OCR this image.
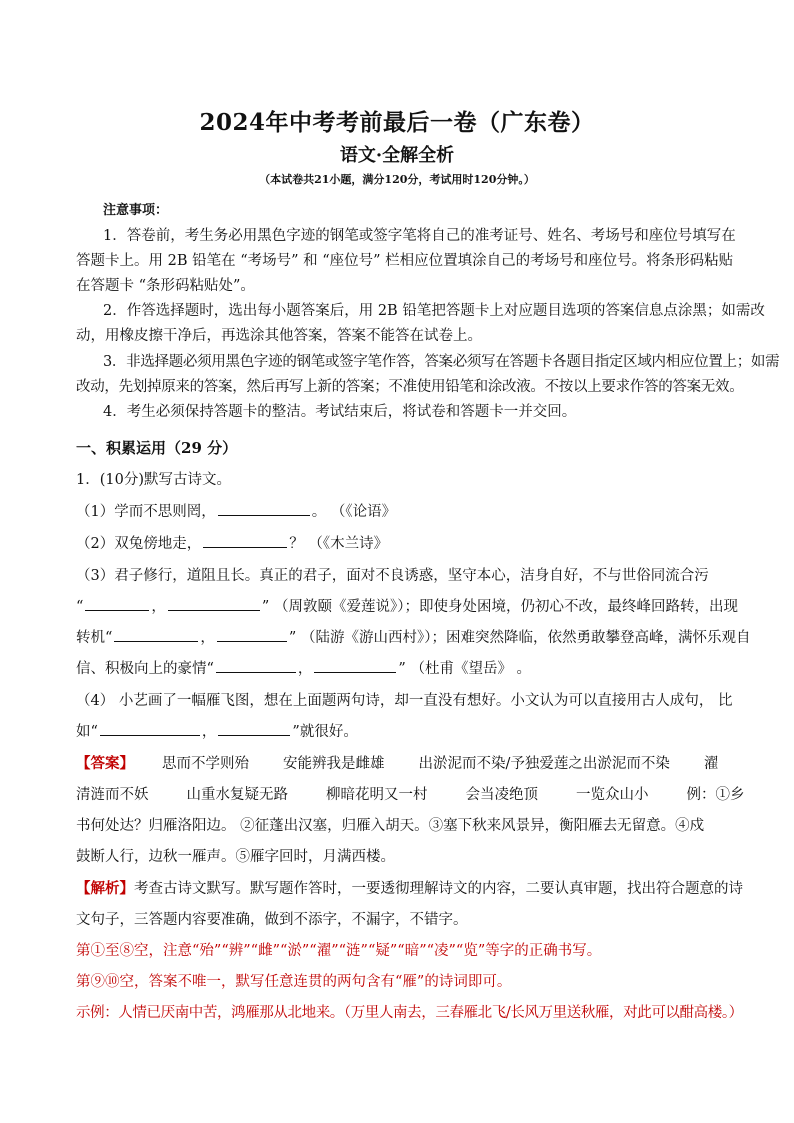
2024年中考考前最后一卷（广东卷）
语文·全解全析
（本试卷共21小题，满分120分，考试用时120分钟。）
注意事项：
1．答卷前，考生务必用黑色字迹的钢笔或签字笔将自己的准考证号、姓名、考场号和座位号填写在
答题卡上。用 2B 铅笔在 “考场号” 和 “座位号” 栏相应位置填涂自己的考场号和座位号。将条形码粘贴
在答题卡 “条形码粘贴处”。
2．作答选择题时，选出每小题答案后，用 2B 铅笔把答题卡上对应题目选项的答案信息点涂黑；如需改
动，用橡皮擦干净后，再选涂其他答案，答案不能答在试卷上。
3．非选择题必须用黑色字迹的钢笔或签字笔作答，答案必须写在答题卡各题目指定区域内相应位置上；如需
改动，先划掉原来的答案，然后再写上新的答案；不准使用铅笔和涂改液。不按以上要求作答的答案无效。
4．考生必须保持答题卡的整洁。考试结束后，将试卷和答题卡一并交回。
一、积累运用（29 分）
1．(10分)默写古诗文。
（1）学而不思则罔，	。 （《论语》
（2）双兔傍地走，	？ （《木兰诗》
（3）君子修行，道阻且长。真正的君子，面对不良诱惑，坚守本心，洁身自好，不与世俗同流合污
“	，	” （周敦颐《爱莲说》）；即使身处困境，仍初心不改，最终峰回路转，出现
转机“	，	” （陆游《游山西村》）；困难突然降临，依然勇敢攀登高峰，满怀乐观自
信、积极向上的豪情“	，	” （杜甫《望岳》 。
（4） 小艺画了一幅雁飞图，想在上面题两句诗，却一直没有想好。小文认为可以直接用古人成句， 比
如“	，	”就很好。
【答案】 思而不学则殆 安能辨我是雌雄 出淤泥而不染/予独爱莲之出淤泥而不染 濯
清涟而不妖	山重水复疑无路	柳暗花明又一村	会当凌绝顶	一览众山小	例：①乡
书何处达？归雁洛阳边。 ②征蓬出汉塞，归雁入胡天。③塞下秋来风景异，衡阳雁去无留意。④戍
鼓断人行，边秋一雁声。⑤雁字回时，月满西楼。
【解析】考查古诗文默写。默写题作答时，一要透彻理解诗文的内容，二要认真审题，找出符合题意的诗
文句子，三答题内容要准确，做到不添字，不漏字，不错字。
第①至⑧空，注意“殆”“辨”“雌”“淤”“濯”“涟”“疑”“暗”“凌”“览”等字的正确书写。
第⑨⑩空，答案不唯一，默写任意连贯的两句含有“雁”的诗词即可。
示例：人情已厌南中苦，鸿雁那从北地来。（万里人南去，三春雁北飞/长风万里送秋雁，对此可以酣高楼。）
